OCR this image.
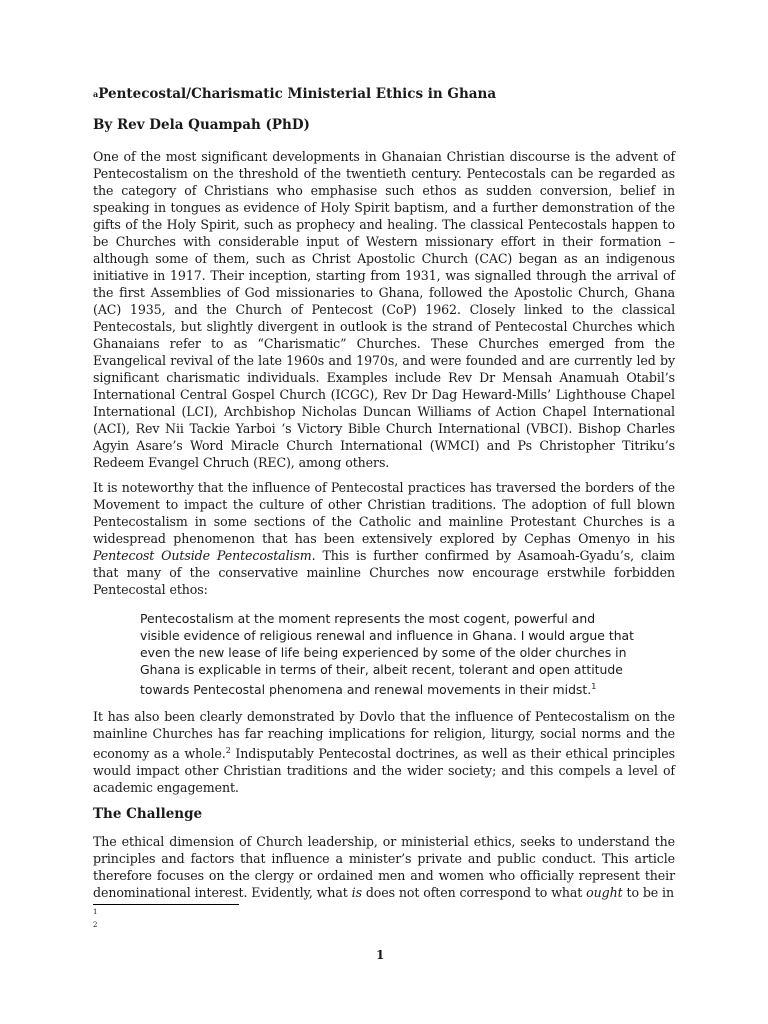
$^a$Pentecostal/Charismatic Ministerial Ethics in Ghana

By Rev Dela Quampah (PhD)

One of the most significant developments in Ghanaian Christian discourse is the advent of Pentecostalism on the threshold of the twentieth century. Pentecostals can be regarded as the category of Christians who emphasise such ethos as sudden conversion, belief in speaking in tongues as evidence of Holy Spirit baptism, and a further demonstration of the gifts of the Holy Spirit, such as prophecy and healing. The classical Pentecostals happen to be Churches with considerable input of Western missionary effort in their formation – although some of them, such as Christ Apostolic Church (CAC) began as an indigenous initiative in 1917. Their inception, starting from 1931, was signalled through the arrival of the first Assemblies of God missionaries to Ghana, followed the Apostolic Church, Ghana (AC) 1935, and the Church of Pentecost (CoP) 1962. Closely linked to the classical Pentecostals, but slightly divergent in outlook is the strand of Pentecostal Churches which Ghanaians refer to as “Charismatic” Churches. These Churches emerged from the Evangelical revival of the late 1960s and 1970s, and were founded and are currently led by significant charismatic individuals. Examples include Rev Dr Mensah Anamuah Otabil’s International Central Gospel Church (ICGC), Rev Dr Dag Heward-Mills’ Lighthouse Chapel International (LCI), Archbishop Nicholas Duncan Williams of Action Chapel International (ACI), Rev Nii Tackie Yarboi ‘s Victory Bible Church International (VBCI). Bishop Charles Agyin Asare’s Word Miracle Church International (WMCI) and Ps Christopher Titriku’s Redeem Evangel Chruch (REC), among others.

It is noteworthy that the influence of Pentecostal practices has traversed the borders of the Movement to impact the culture of other Christian traditions. The adoption of full blown Pentecostalism in some sections of the Catholic and mainline Protestant Churches is a widespread phenomenon that has been extensively explored by Cephas Omenyo in his Pentecost Outside Pentecostalism. This is further confirmed by Asamoah-Gyadu’s, claim that many of the conservative mainline Churches now encourage erstwhile forbidden Pentecostal ethos:

Pentecostalism at the moment represents the most cogent, powerful and visible evidence of religious renewal and influence in Ghana. I would argue that even the new lease of life being experienced by some of the older churches in Ghana is explicable in terms of their, albeit recent, tolerant and open attitude towards Pentecostal phenomena and renewal movements in their midst.$^1$

It has also been clearly demonstrated by Dovlo that the influence of Pentecostalism on the mainline Churches has far reaching implications for religion, liturgy, social norms and the economy as a whole.$^2$ Indisputably Pentecostal doctrines, as well as their ethical principles would impact other Christian traditions and the wider society; and this compels a level of academic engagement.

The Challenge

The ethical dimension of Church leadership, or ministerial ethics, seeks to understand the principles and factors that influence a minister’s private and public conduct. This article therefore focuses on the clergy or ordained men and women who officially represent their denominational interest. Evidently, what is does not often correspond to what ought to be in

1
2
1
